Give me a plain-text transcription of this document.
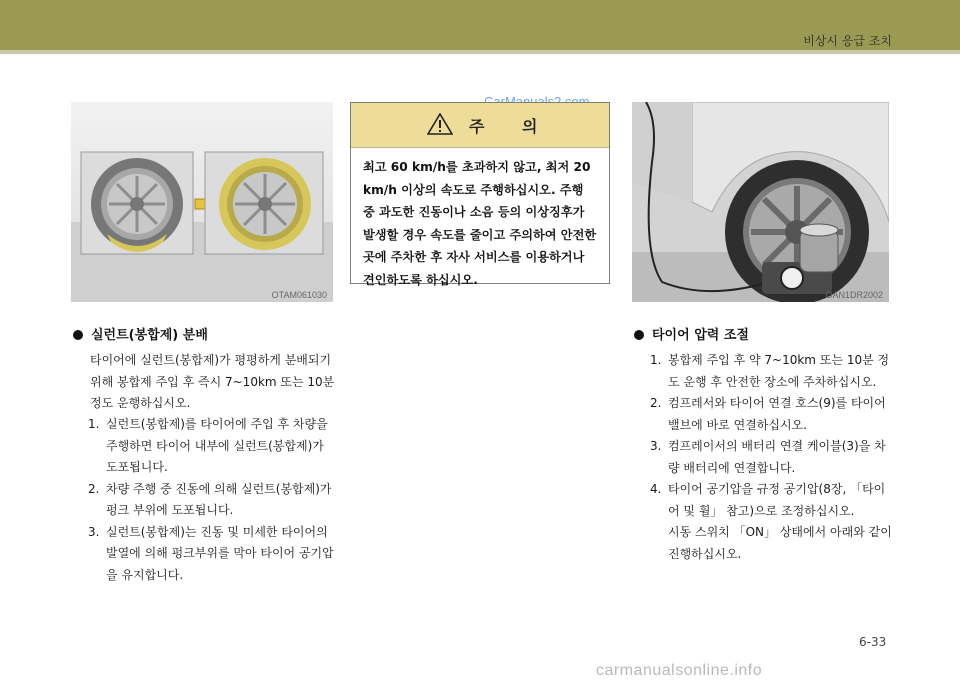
비상시 응급 조치
OTAM061030
주 의
최고 60 km/h를 초과하지 않고, 최저 20 km/h 이상의 속도로 주행하십시오. 주행 중 과도한 진동이나 소음 등의 이상징후가 발생할 경우 속도를 줄이고 주의하여 안전한 곳에 주차한 후 자사 서비스를 이용하거나 견인하도록 하십시오.
OAN1DR2002
실런트(봉합제) 분배
타이어에 실런트(봉합제)가 평평하게 분배되기 위해 봉합제 주입 후 즉시 7~10km 또는 10분 정도 운행하십시오.
1. 실런트(봉합제)를 타이어에 주입 후 차량을 주행하면 타이어 내부에 실런트(봉합제)가 도포됩니다.
2. 차량 주행 중 진동에 의해 실런트(봉합제)가 펑크 부위에 도포됩니다.
3. 실런트(봉합제)는 진동 및 미세한 타이어의 발열에 의해 펑크부위를 막아 타이어 공기압을 유지합니다.
타이어 압력 조절
1. 봉합제 주입 후 약 7~10km 또는 10분 정도 운행 후 안전한 장소에 주차하십시오.
2. 컴프레서와 타이어 연결 호스(9)를 타이어 밸브에 바로 연결하십시오.
3. 컴프레이서의 배터리 연결 케이블(3)을 차량 배터리에 연결합니다.
4. 타이어 공기압을 규정 공기압(8장, 「타이어 및 휠」 참고)으로 조정하십시오.
시동 스위치 「ON」 상태에서 아래와 같이 진행하십시오.
6-33
carmanualsonline.info
